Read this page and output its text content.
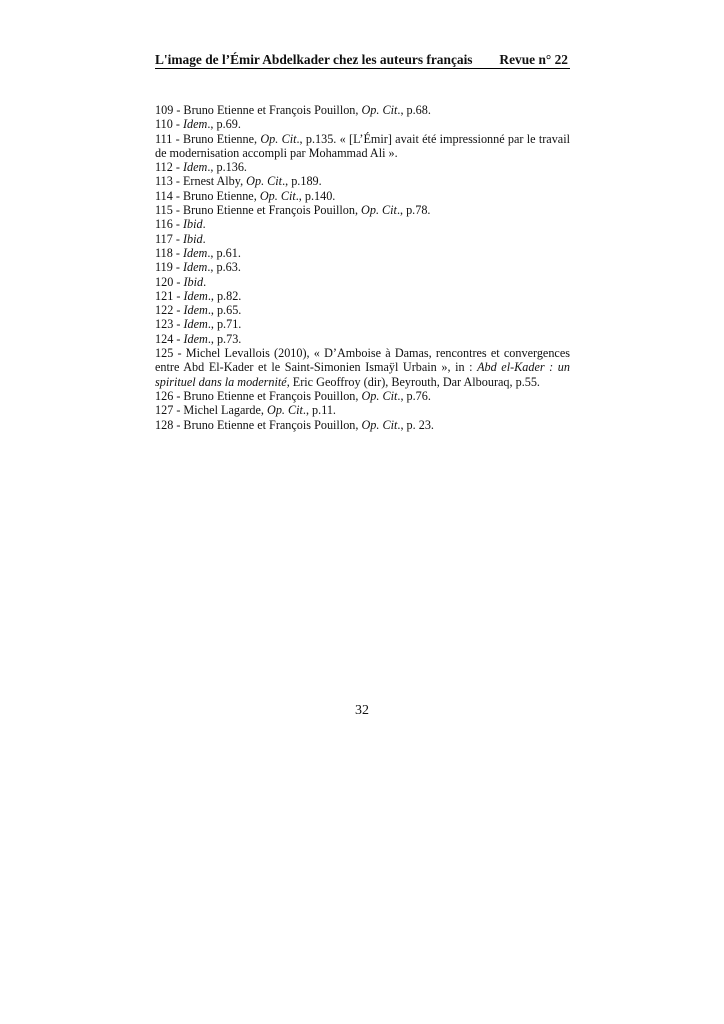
L'image de l’Émir Abdelkader chez les auteurs français Revue n° 22
109 - Bruno Etienne et François Pouillon, Op. Cit., p.68.
110 - Idem., p.69.
111 - Bruno Etienne, Op. Cit., p.135. « [L’Émir] avait été impressionné par le travail de modernisation accompli par Mohammad Ali ».
112 - Idem., p.136.
113 - Ernest Alby, Op. Cit., p.189.
114 - Bruno Etienne, Op. Cit., p.140.
115 - Bruno Etienne et François Pouillon, Op. Cit., p.78.
116 - Ibid.
117 - Ibid.
118 - Idem., p.61.
119 - Idem., p.63.
120 - Ibid.
121 - Idem., p.82.
122 - Idem., p.65.
123 - Idem., p.71.
124 - Idem., p.73.
125 - Michel Levallois (2010), « D’Amboise à Damas, rencontres et convergences entre Abd El-Kader et le Saint-Simonien Ismaÿl Urbain », in : Abd el-Kader : un spirituel dans la modernité, Eric Geoffroy (dir), Beyrouth, Dar Albouraq, p.55.
126 - Bruno Etienne et François Pouillon, Op. Cit., p.76.
127 - Michel Lagarde, Op. Cit., p.11.
128 - Bruno Etienne et François Pouillon, Op. Cit., p. 23.
32
